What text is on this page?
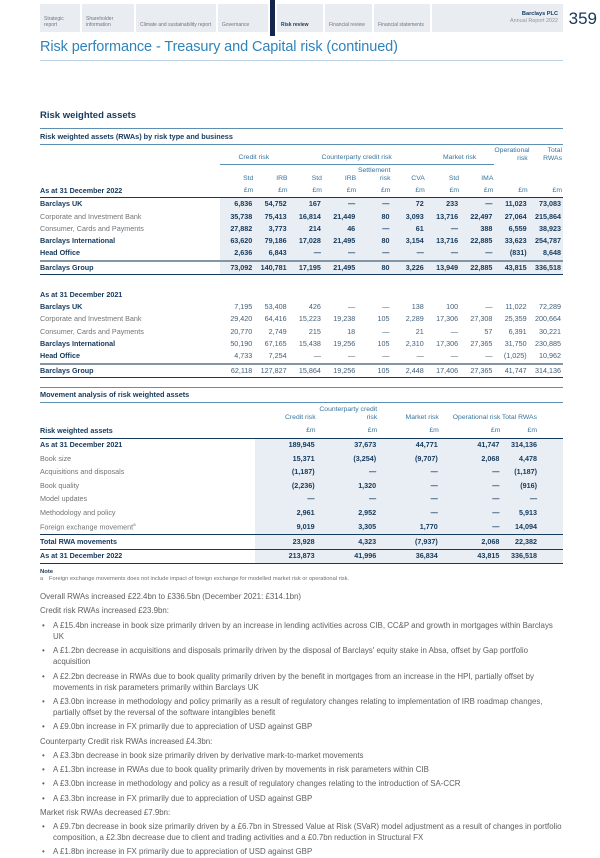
Strategic report
Shareholder information	Climate and sustainability report Governance	Risk review	Financial review	Financial statements
Barclays PLC
Annual Report 2022 359
Risk performance - Treasury and Capital risk (continued)
Risk weighted assets
Risk weighted assets (RWAs) by risk type and business
	Credit risk		Counterparty credit risk				Market risk		Operational risk	Total RWAs
	Std	IRB	Std	IRB	Settlement risk	CVA	Std	IMA		
As at 31 December 2022	£m	£m	£m	£m	£m	£m	£m	£m	£m	£m
Barclays UK	6,836	54,752	167	—	—	72	233	—	11,023	73,083
Corporate and Investment Bank	35,738	75,413	16,814	21,449	80	3,093	13,716	22,497	27,064	215,864
Consumer, Cards and Payments	27,882	3,773	214	46	—	61	—	388	6,559	38,923
Barclays International	63,620	79,186	17,028	21,495	80	3,154	13,716	22,885	33,623	254,787
Head Office	2,636	6,843	—	—	—	—	—	—	(831)	8,648
Barclays Group	73,092	140,781	17,195	21,495	80	3,226	13,949	22,885	43,815	336,518

As at 31 December 2021										
Barclays UK	7,195	53,408	426	—	—	138	100	—	11,022	72,289
Corporate and Investment Bank	29,420	64,416	15,223	19,238	105	2,289	17,306	27,308	25,359	200,664
Consumer, Cards and Payments	20,770	2,749	215	18	—	21	—	57	6,391	30,221
Barclays International	50,190	67,165	15,438	19,256	105	2,310	17,306	27,365	31,750	230,885
Head Office	4,733	7,254	—	—	—	—	—	—	(1,025)	10,962
Barclays Group	62,118	127,827	15,864	19,256	105	2,448	17,406	27,365	41,747	314,136
Movement analysis of risk weighted assets
	Credit risk	Counterparty credit risk	Market risk	Operational risk	Total RWAs
Risk weighted assets	£m	£m	£m	£m	£m
As at 31 December 2021	189,945	37,673	44,771	41,747	314,136
Book size	15,371	(3,254)	(9,707)	2,068	4,478
Acquisitions and disposals	(1,187)	—	—	—	(1,187)
Book quality	(2,236)	1,320	—	—	(916)
Model updates	—	—	—	—	—
Methodology and policy	2,961	2,952	—	—	5,913
Foreign exchange movement$^a$	9,019	3,305	1,770	—	14,094
Total RWA movements	23,928	4,323	(7,937)	2,068	22,382
As at 31 December 2022	213,873	41,996	36,834	43,815	336,518
Note
a	Foreign exchange movements does not include impact of foreign exchange for modelled market risk or operational risk.

Overall RWAs increased £22.4bn to £336.5bn (December 2021: £314.1bn)

Credit risk RWAs increased £23.9bn:

•	A £15.4bn increase in book size primarily driven by an increase in lending activities across CIB, CC&P and growth in mortgages within Barclays UK
•	A £1.2bn decrease in acquisitions and disposals primarily driven by the disposal of Barclays' equity stake in Absa, offset by Gap portfolio acquisition
•	A £2.2bn decrease in RWAs due to book quality primarily driven by the benefit in mortgages from an increase in the HPI, partially offset by movements in risk parameters primarily within Barclays UK
•	A £3.0bn increase in methodology and policy primarily as a result of regulatory changes relating to implementation of IRB roadmap changes, partially offset by the reversal of the software intangibles benefit
•	A £9.0bn increase in FX primarily due to appreciation of USD against GBP

Counterparty Credit risk RWAs increased £4.3bn:

•	A £3.3bn decrease in book size primarily driven by derivative mark-to-market movements
•	A £1.3bn increase in RWAs due to book quality primarily driven by movements in risk parameters within CIB
•	A £3.0bn increase in methodology and policy as a result of regulatory changes relating to the introduction of SA-CCR
•	A £3.3bn increase in FX primarily due to appreciation of USD against GBP

Market risk RWAs decreased £7.9bn:

•	A £9.7bn decrease in book size primarily driven by a £6.7bn in Stressed Value at Risk (SVaR) model adjustment as a result of changes in portfolio composition, a £2.3bn decrease due to client and trading activities and a £0.7bn reduction in Structural FX
•	A £1.8bn increase in FX primarily due to appreciation of USD against GBP
